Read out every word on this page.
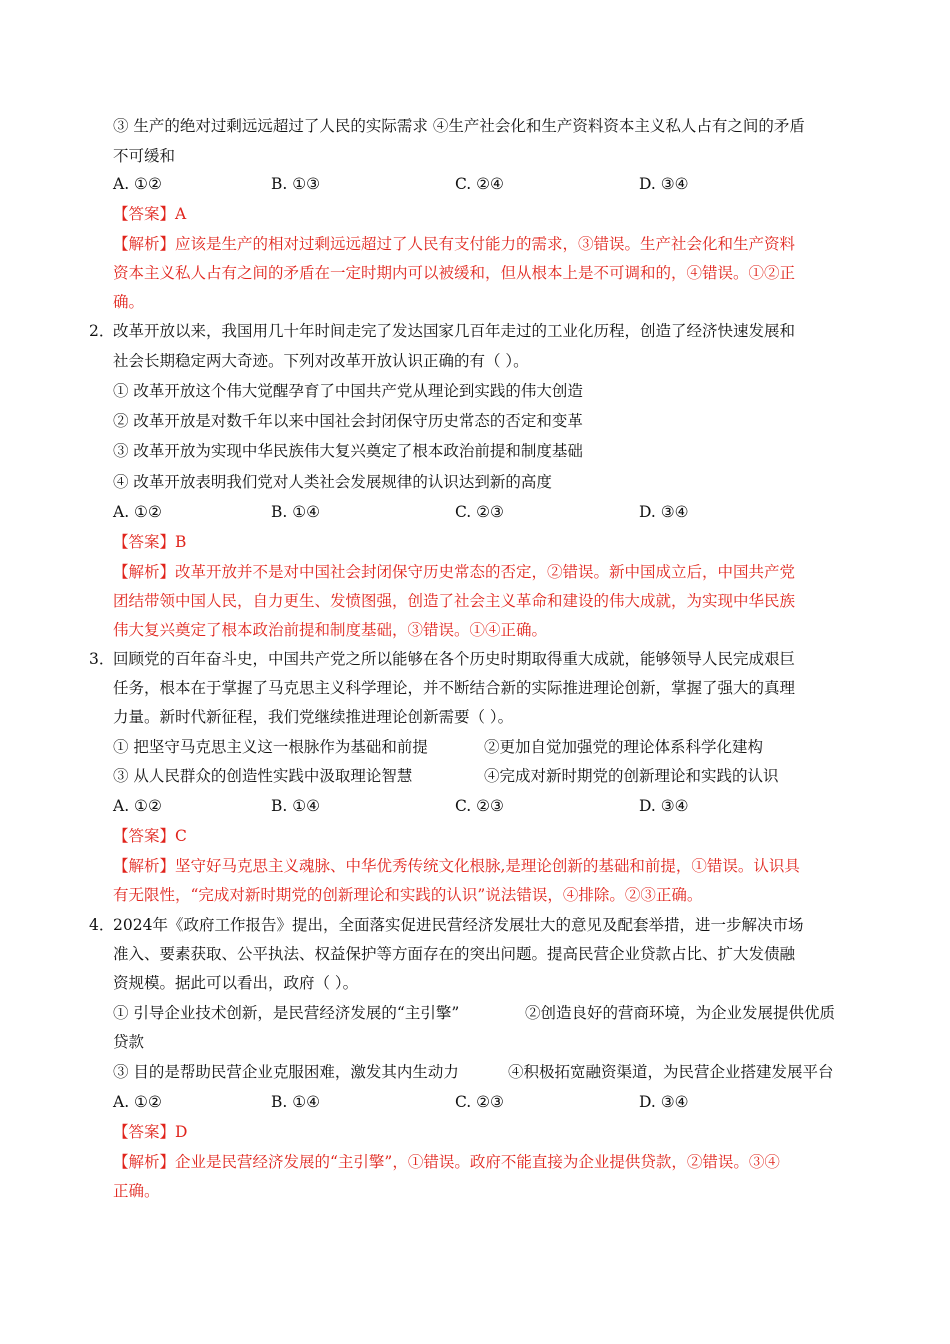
③ 生产的绝对过剩远远超过了人民的实际需求 ④生产社会化和生产资料资本主义私人占有之间的矛盾
不可缓和
A. ①②	B. ①③	C. ②④	D. ③④
【答案】A
【解析】应该是生产的相对过剩远远超过了人民有支付能力的需求，③错误。生产社会化和生产资料
资本主义私人占有之间的矛盾在一定时期内可以被缓和，但从根本上是不可调和的，④错误。①②正
确。
2．
改革开放以来，我国用几十年时间走完了发达国家几百年走过的工业化历程，创造了经济快速发展和
社会长期稳定两大奇迹。下列对改革开放认识正确的有（ ）。
① 改革开放这个伟大觉醒孕育了中国共产党从理论到实践的伟大创造
② 改革开放是对数千年以来中国社会封闭保守历史常态的否定和变革
③ 改革开放为实现中华民族伟大复兴奠定了根本政治前提和制度基础
④ 改革开放表明我们党对人类社会发展规律的认识达到新的高度
A. ①②	B. ①④	C. ②③	D. ③④
【答案】B
【解析】改革开放并不是对中国社会封闭保守历史常态的否定，②错误。新中国成立后，中国共产党
团结带领中国人民，自力更生、发愤图强，创造了社会主义革命和建设的伟大成就，为实现中华民族
伟大复兴奠定了根本政治前提和制度基础，③错误。①④正确。
3．
回顾党的百年奋斗史，中国共产党之所以能够在各个历史时期取得重大成就，能够领导人民完成艰巨
任务，根本在于掌握了马克思主义科学理论，并不断结合新的实际推进理论创新，掌握了强大的真理
力量。新时代新征程，我们党继续推进理论创新需要（ ）。
① 把坚守马克思主义这一根脉作为基础和前提	②更加自觉加强党的理论体系科学化建构
③ 从人民群众的创造性实践中汲取理论智慧	④完成对新时期党的创新理论和实践的认识
A. ①②	B. ①④	C. ②③	D. ③④
【答案】C
【解析】坚守好马克思主义魂脉、中华优秀传统文化根脉,是理论创新的基础和前提，①错误。认识具
有无限性，“完成对新时期党的创新理论和实践的认识”说法错误，④排除。②③正确。
4．
2024年《政府工作报告》提出，全面落实促进民营经济发展壮大的意见及配套举措，进一步解决市场
准入、要素获取、公平执法、权益保护等方面存在的突出问题。提高民营企业贷款占比、扩大发债融
资规模。据此可以看出，政府（ ）。
① 引导企业技术创新，是民营经济发展的“主引擎”	②创造良好的营商环境，为企业发展提供优质
贷款
③ 目的是帮助民营企业克服困难，激发其内生动力	④积极拓宽融资渠道，为民营企业搭建发展平台
A. ①②	B. ①④	C. ②③	D. ③④
【答案】D
【解析】企业是民营经济发展的“主引擎”，①错误。政府不能直接为企业提供贷款，②错误。③④
正确。
